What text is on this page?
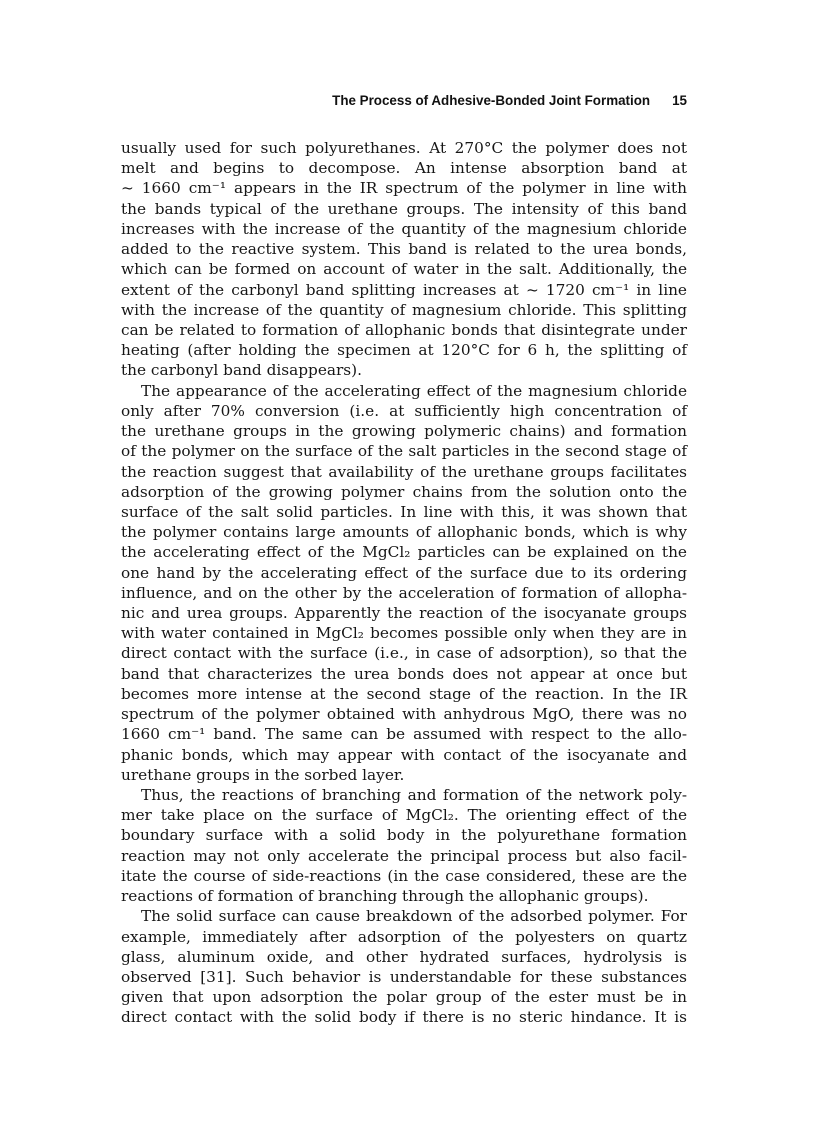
The Process of Adhesive-Bonded Joint Formation 15
usually used for such polyurethanes. At 270°C the polymer does not
melt and begins to decompose. An intense absorption band at
~ 1660 cm⁻¹ appears in the IR spectrum of the polymer in line with
the bands typical of the urethane groups. The intensity of this band
increases with the increase of the quantity of the magnesium chloride
added to the reactive system. This band is related to the urea bonds,
which can be formed on account of water in the salt. Additionally, the
extent of the carbonyl band splitting increases at ~ 1720 cm⁻¹ in line
with the increase of the quantity of magnesium chloride. This splitting
can be related to formation of allophanic bonds that disintegrate under
heating (after holding the specimen at 120°C for 6 h, the splitting of
the carbonyl band disappears).
The appearance of the accelerating effect of the magnesium chloride
only after 70% conversion (i.e. at sufficiently high concentration of
the urethane groups in the growing polymeric chains) and formation
of the polymer on the surface of the salt particles in the second stage of
the reaction suggest that availability of the urethane groups facilitates
adsorption of the growing polymer chains from the solution onto the
surface of the salt solid particles. In line with this, it was shown that
the polymer contains large amounts of allophanic bonds, which is why
the accelerating effect of the MgCl₂ particles can be explained on the
one hand by the accelerating effect of the surface due to its ordering
influence, and on the other by the acceleration of formation of allopha-
nic and urea groups. Apparently the reaction of the isocyanate groups
with water contained in MgCl₂ becomes possible only when they are in
direct contact with the surface (i.e., in case of adsorption), so that the
band that characterizes the urea bonds does not appear at once but
becomes more intense at the second stage of the reaction. In the IR
spectrum of the polymer obtained with anhydrous MgO, there was no
1660 cm⁻¹ band. The same can be assumed with respect to the allo-
phanic bonds, which may appear with contact of the isocyanate and
urethane groups in the sorbed layer.
Thus, the reactions of branching and formation of the network poly-
mer take place on the surface of MgCl₂. The orienting effect of the
boundary surface with a solid body in the polyurethane formation
reaction may not only accelerate the principal process but also facil-
itate the course of side-reactions (in the case considered, these are the
reactions of formation of branching through the allophanic groups).
The solid surface can cause breakdown of the adsorbed polymer. For
example, immediately after adsorption of the polyesters on quartz
glass, aluminum oxide, and other hydrated surfaces, hydrolysis is
observed [31]. Such behavior is understandable for these substances
given that upon adsorption the polar group of the ester must be in
direct contact with the solid body if there is no steric hindance. It is
